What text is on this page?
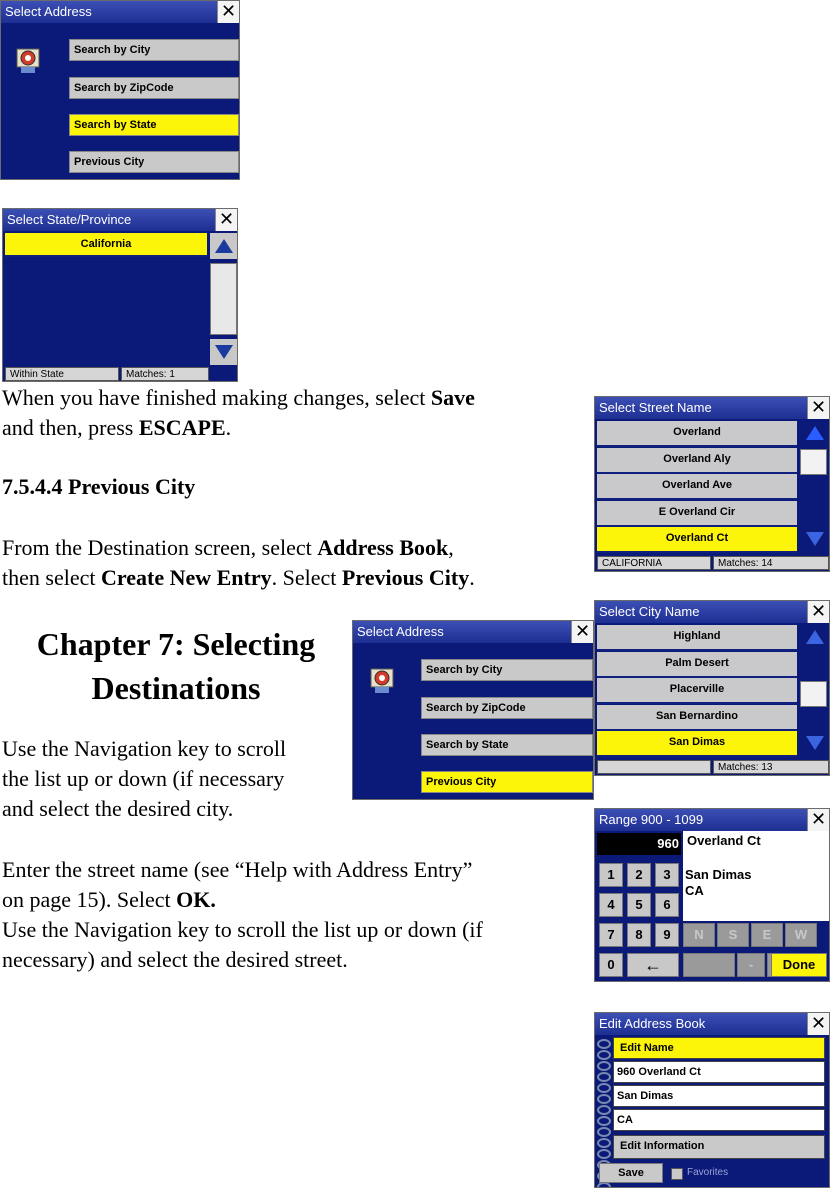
Select Address	✕
Search by City
Search by ZipCode
Search by State
Previous City
Select State/Province	✕
California
Within State	Matches: 1
Select Street Name	✕
Overland
Overland Aly
Overland Ave
E Overland Cir
Overland Ct
CALIFORNIA	Matches: 14
Select City Name	✕
Highland
Palm Desert
Placerville
San Bernardino
San Dimas
Matches: 13
Select Address	✕
Search by City
Search by ZipCode
Search by State
Previous City
Range 900 - 1099	✕
960 Overland Ct
San Dimas
CA
1	2	3
4	5	6
7	8	9	N	S	E	W
0	←	-	Done
Edit Address Book	✕
Edit Name
960 Overland Ct
San Dimas
CA
Edit Information
Save	Favorites
When you have finished making changes, select Save
and then, press ESCAPE.
7.5.4.4 Previous City
From the Destination screen, select Address Book,
then select Create New Entry. Select Previous City.
Chapter 7: Selecting
Destinations
Use the Navigation key to scroll
the list up or down (if necessary
and select the desired city.
Enter the street name (see “Help with Address Entry”
on page 15). Select OK.
Use the Navigation key to scroll the list up or down (if
necessary) and select the desired street.
